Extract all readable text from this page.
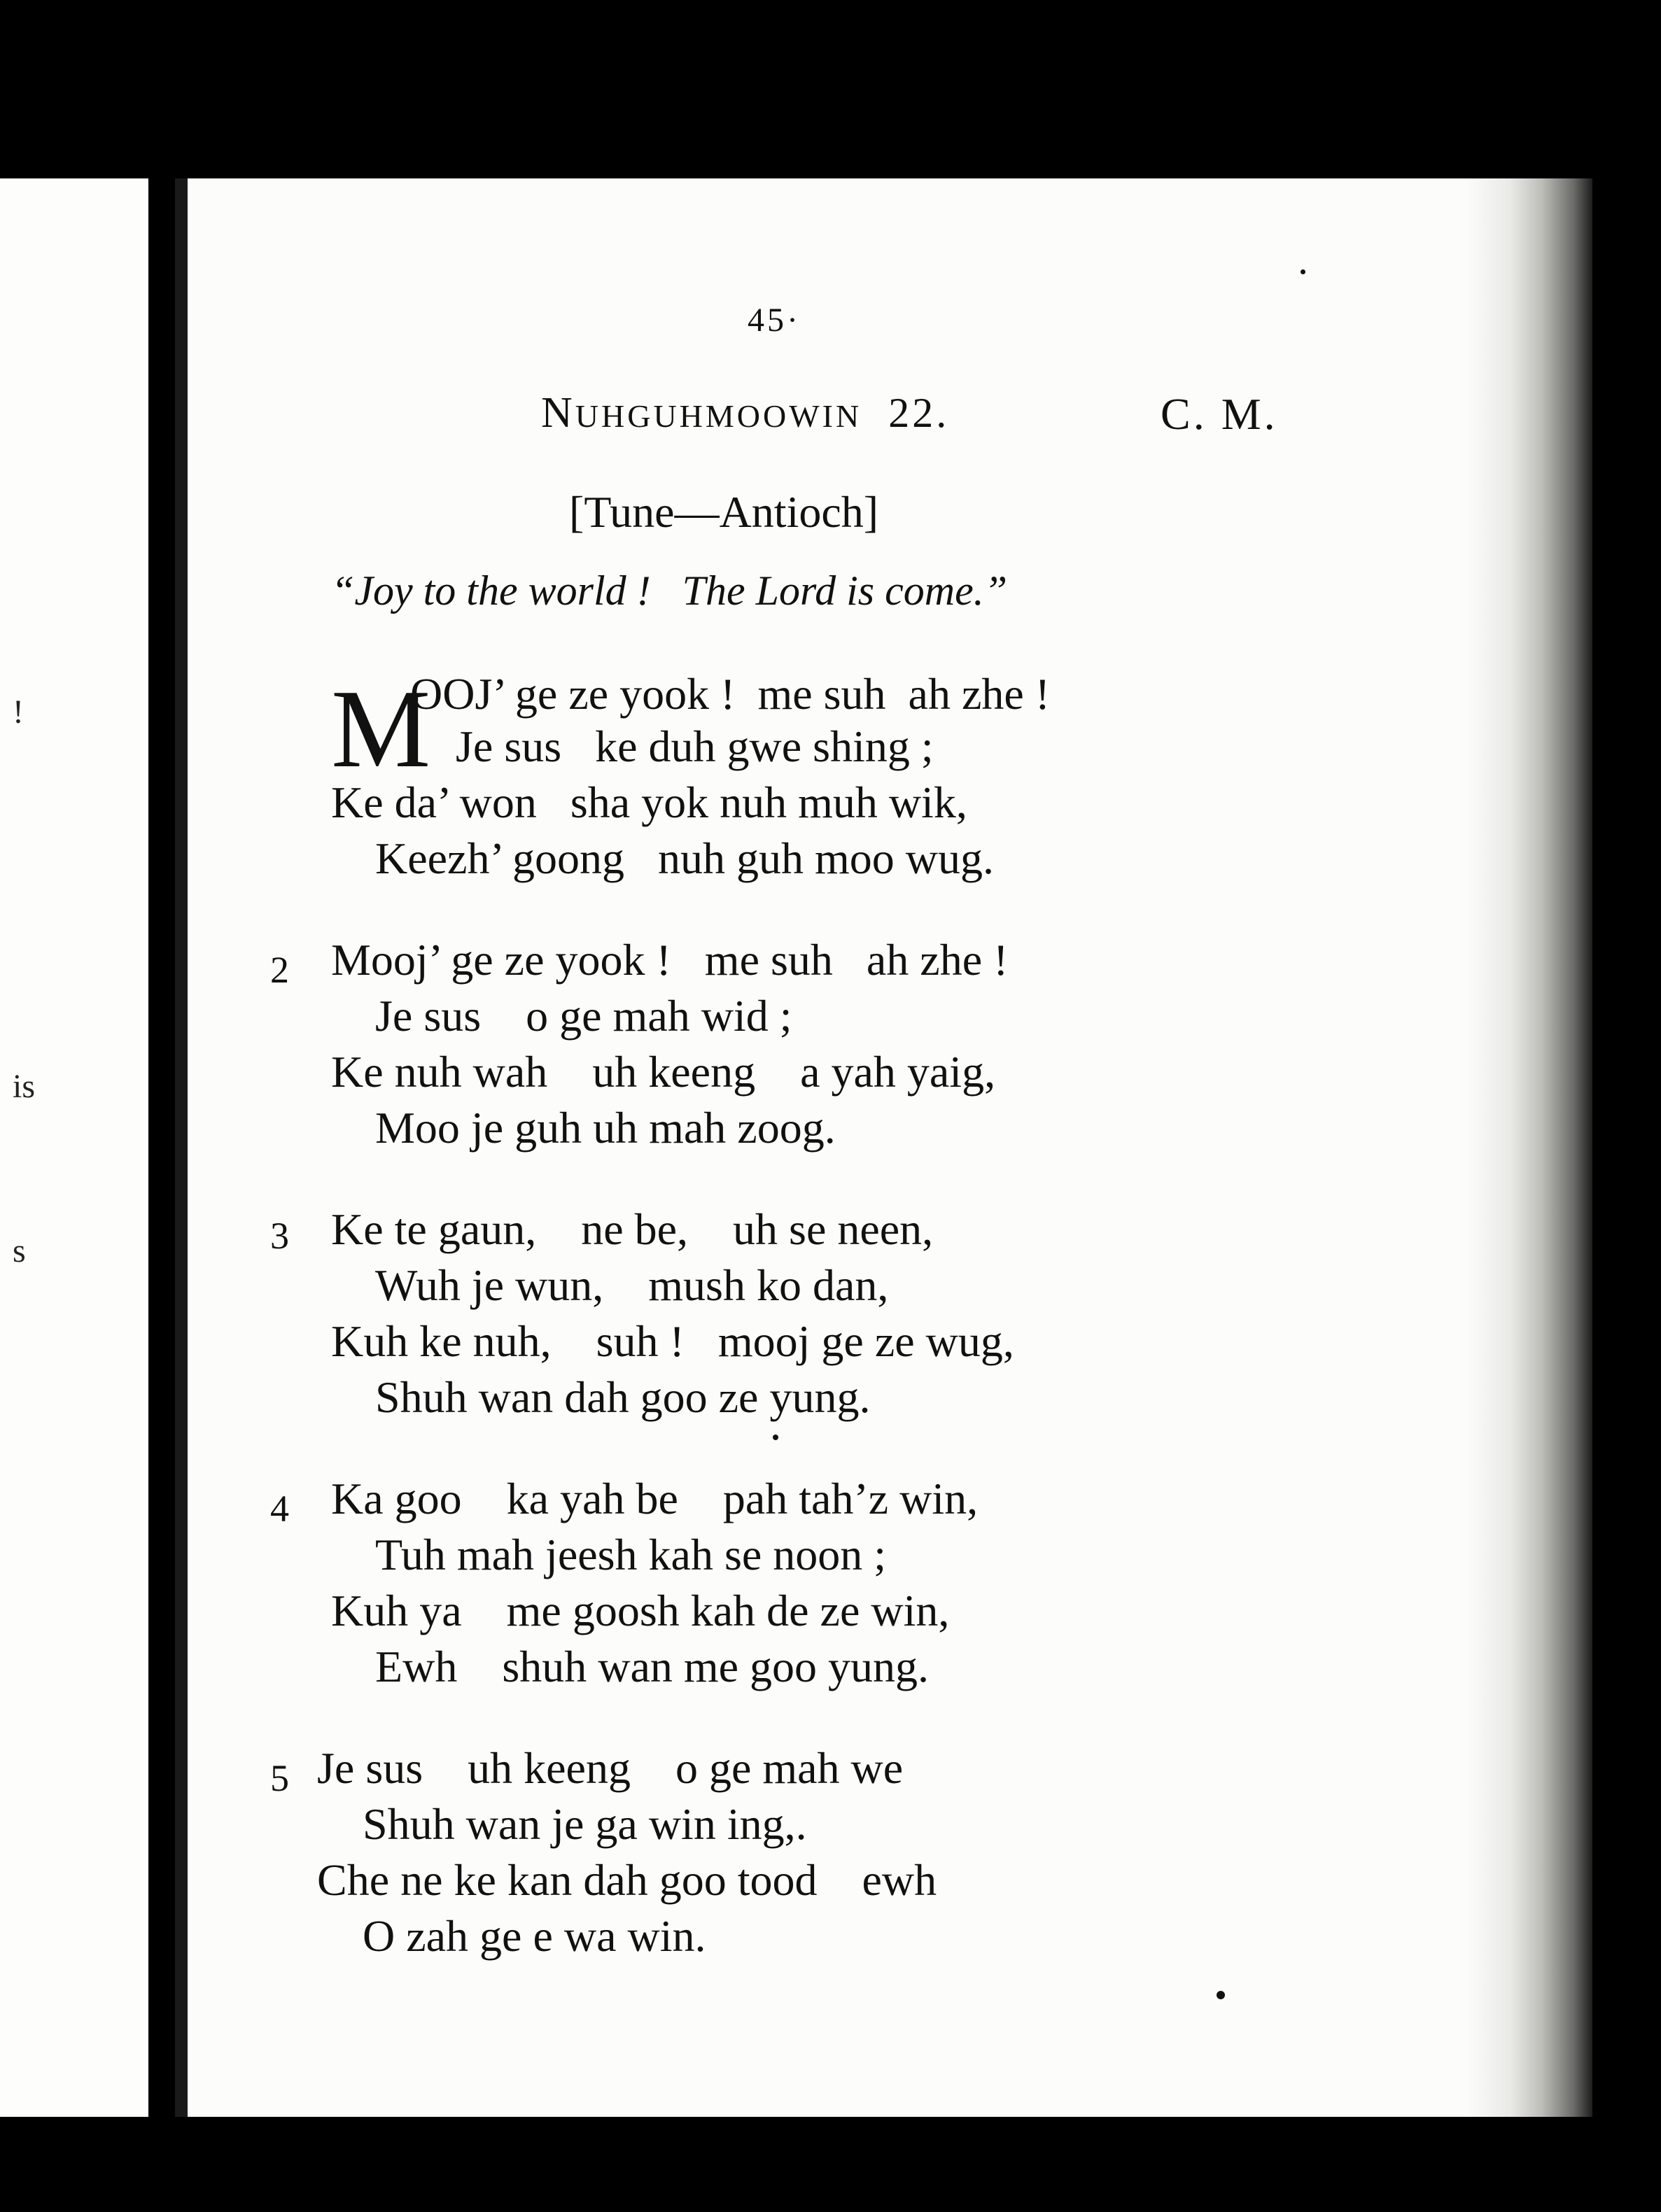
!
is
s
45·
NUHGUHMOOWIN 22.	C. M.
[Tune—Antioch]
“Joy to the world !   The Lord is come.”
M
OOJ’ ge ze yook !  me suh  ah zhe !
Je sus   ke duh gwe shing ;
Ke da’ won   sha yok nuh muh wik,
Keezh’ goong   nuh guh moo wug.
2 Mooj’ ge ze yook !   me suh   ah zhe !
Je sus    o ge mah wid ;
Ke nuh wah    uh keeng    a yah yaig,
Moo je guh uh mah zoog.
3 Ke te gaun,    ne be,    uh se neen,
Wuh je wun,    mush ko dan,
Kuh ke nuh,    suh !   mooj ge ze wug,
Shuh wan dah goo ze yung.
4 Ka goo    ka yah be    pah tah’z win,
Tuh mah jeesh kah se noon ;
Kuh ya    me goosh kah de ze win,
Ewh    shuh wan me goo yung.
5 Je sus    uh keeng    o ge mah we
Shuh wan je ga win ing,.
Che ne ke kan dah goo tood    ewh
O zah ge e wa win.
